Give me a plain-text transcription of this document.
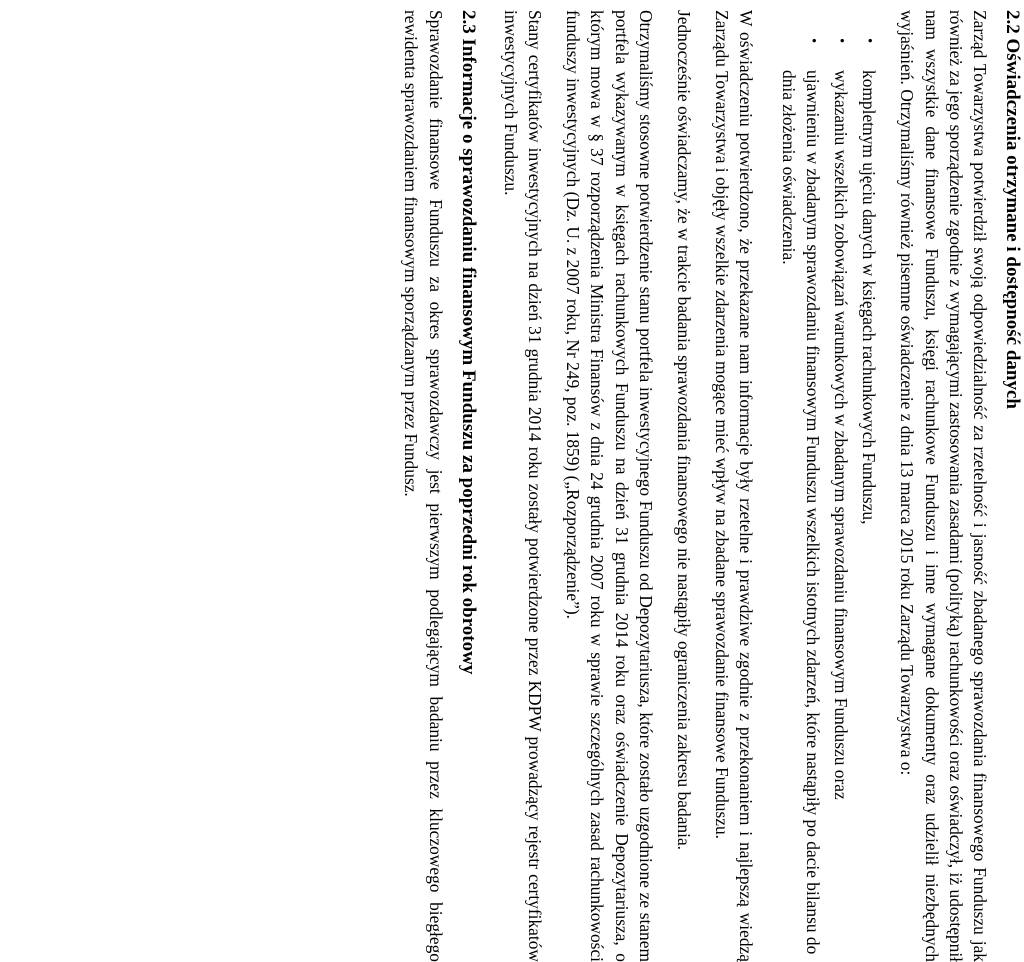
2.2 Oświadczenia otrzymane i dostępność danych

Zarząd Towarzystwa potwierdził swoją odpowiedzialność za rzetelność i jasność zbadanego sprawozdania finansowego Funduszu jak również za jego sporządzenie zgodnie z wymagającymi zastosowania zasadami (polityką) rachunkowości oraz oświadczył, iż udostępnił nam wszystkie dane finansowe Funduszu, księgi rachunkowe Funduszu i inne wymagane dokumenty oraz udzielił niezbędnych wyjaśnień. Otrzymaliśmy również pisemne oświadczenie z dnia 13 marca 2015 roku Zarządu Towarzystwa o:

•
kompletnym ujęciu danych w księgach rachunkowych Funduszu,
•
wykazaniu wszelkich zobowiązań warunkowych w zbadanym sprawozdaniu finansowym Funduszu oraz
•
ujawnieniu w zbadanym sprawozdaniu finansowym Funduszu wszelkich istotnych zdarzeń, które nastąpiły po dacie bilansu do dnia złożenia oświadczenia.

W oświadczeniu potwierdzono, że przekazane nam informacje były rzetelne i prawdziwe zgodnie z przekonaniem i najlepszą wiedzą Zarządu Towarzystwa i objęły wszelkie zdarzenia mogące mieć wpływ na zbadane sprawozdanie finansowe Funduszu.

Jednocześnie oświadczamy, że w trakcie badania sprawozdania finansowego nie nastąpiły ograniczenia zakresu badania.

Otrzymaliśmy stosowne potwierdzenie stanu portfela inwestycyjnego Funduszu od Depozytariusza, które zostało uzgodnione ze stanem portfela wykazywanym w księgach rachunkowych Funduszu na dzień 31 grudnia 2014 roku oraz oświadczenie Depozytariusza, o którym mowa w § 37 rozporządzenia Ministra Finansów z dnia 24 grudnia 2007 roku w sprawie szczególnych zasad rachunkowości funduszy inwestycyjnych (Dz. U. z 2007 roku, Nr 249, poz. 1859) („Rozporządzenie”).

Stany certyfikatów inwestycyjnych na dzień 31 grudnia 2014 roku zostały potwierdzone przez KDPW prowadzący rejestr certyfikatów inwestycyjnych Funduszu.

2.3 Informacje o sprawozdaniu finansowym Funduszu za poprzedni rok obrotowy

Sprawozdanie finansowe Funduszu za okres sprawozdawczy jest pierwszym podlegającym badaniu przez kluczowego biegłego rewidenta sprawozdaniem finansowym sporządzanym przez Fundusz.
